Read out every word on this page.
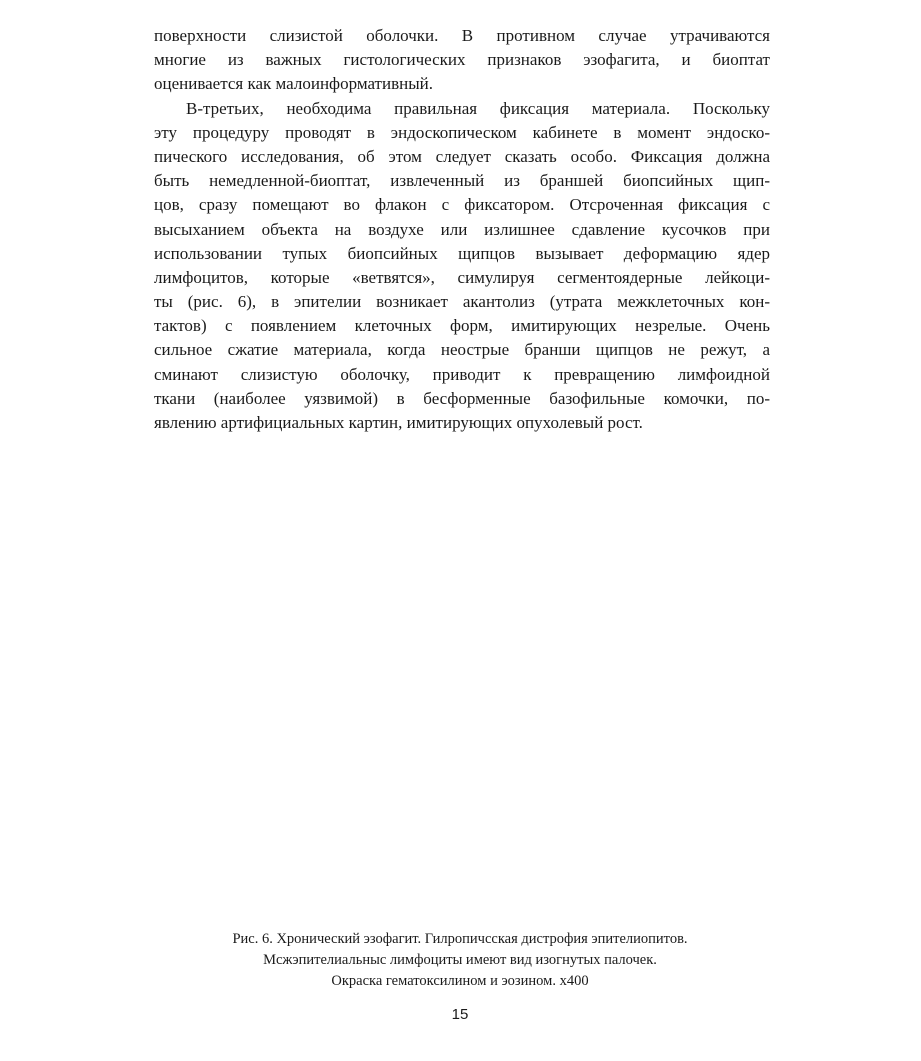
поверхности слизистой оболочки. В противном случае утрачиваются
многие из важных гистологических признаков эзофагита, и биоптат
оценивается как малоинформативный.
В-третьих, необходима правильная фиксация материала. Поскольку
эту процедуру проводят в эндоскопическом кабинете в момент эндоско-
пического исследования, об этом следует сказать особо. Фиксация должна
быть немедленной-биоптат, извлеченный из браншей биопсийных щип-
цов, сразу помещают во флакон с фиксатором. Отсроченная фиксация с
высыханием объекта на воздухе или излишнее сдавление кусочков при
использовании тупых биопсийных щипцов вызывает деформацию ядер
лимфоцитов, которые «ветвятся», симулируя сегментоядерные лейкоци-
ты (рис. 6), в эпителии возникает акантолиз (утрата межклеточных кон-
тактов) с появлением клеточных форм, имитирующих незрелые. Очень
сильное сжатие материала, когда неострые бранши щипцов не режут, а
сминают слизистую оболочку, приводит к превращению лимфоидной
ткани (наиболее уязвимой) в бесформенные базофильные комочки, по-
явлению артифициальных картин, имитирующих опухолевый рост.
Рис. 6. Хронический эзофагит. Гилропичсская дистрофия эпителиопитов.
Мсжэпителиальныс лимфоциты имеют вид изогнутых палочек.
Окраска гематоксилином и эозином. х400
15
